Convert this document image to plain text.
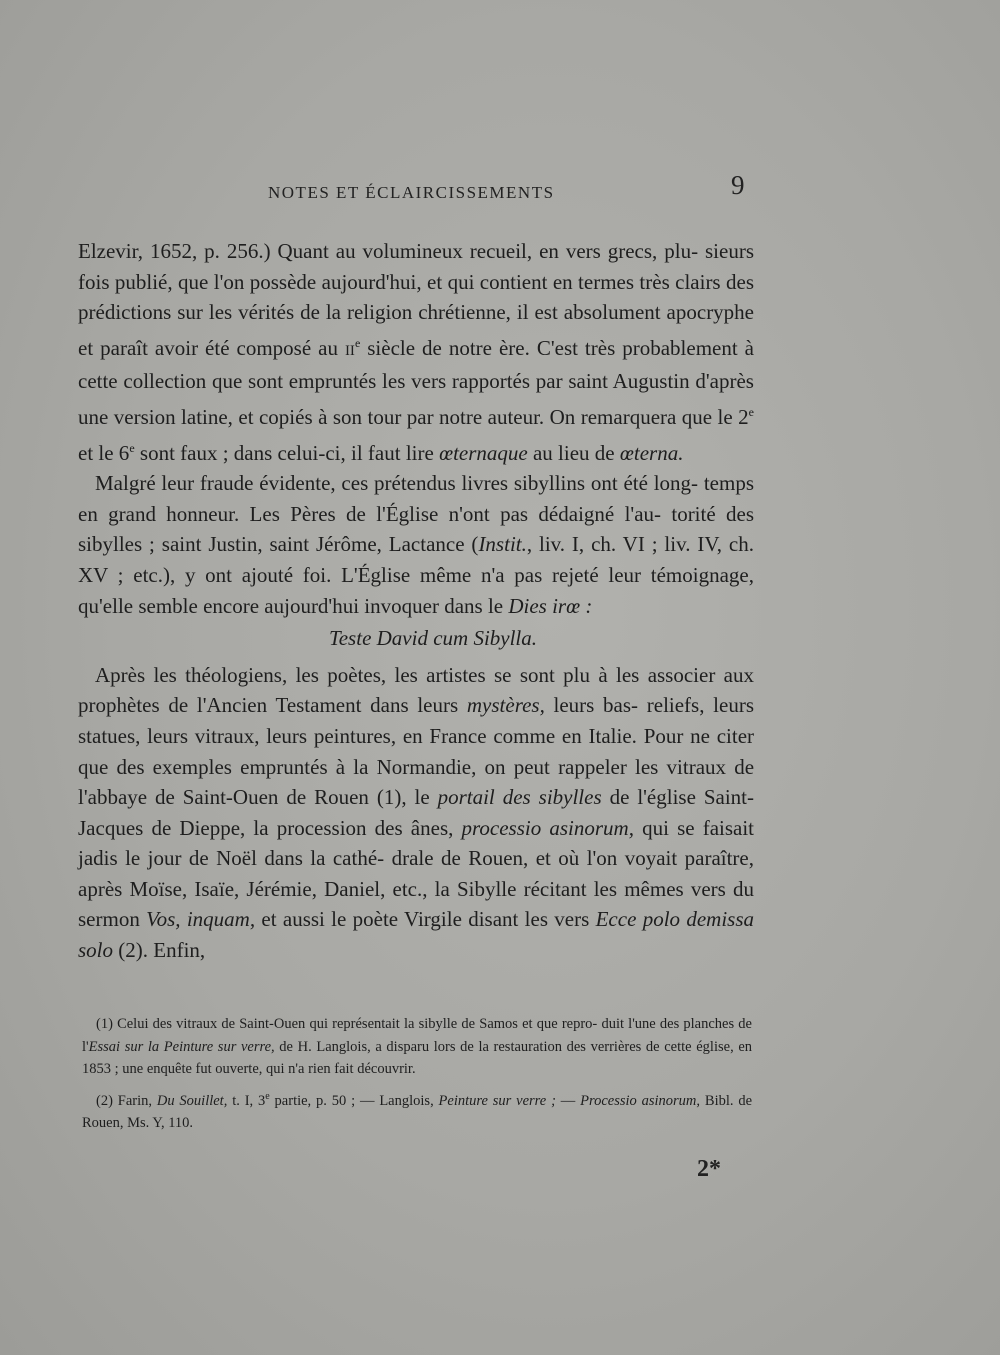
NOTES ET ÉCLAIRCISSEMENTS	9

Elzevir, 1652, p. 256.) Quant au volumineux recueil, en vers grecs, plu- sieurs fois publié, que l'on possède aujourd'hui, et qui contient en termes très clairs des prédictions sur les vérités de la religion chrétienne, il est absolument apocryphe et paraît avoir été composé au IIe siècle de notre ère. C'est très probablement à cette collection que sont empruntés les vers rapportés par saint Augustin d'après une version latine, et copiés à son tour par notre auteur. On remarquera que le 2e et le 6e sont faux ; dans celui-ci, il faut lire œternaque au lieu de œterna.

Malgré leur fraude évidente, ces prétendus livres sibyllins ont été long- temps en grand honneur. Les Pères de l'Église n'ont pas dédaigné l'au- torité des sibylles ; saint Justin, saint Jérôme, Lactance (Instit., liv. I, ch. VI ; liv. IV, ch. XV ; etc.), y ont ajouté foi. L'Église même n'a pas rejeté leur témoignage, qu'elle semble encore aujourd'hui invoquer dans le Dies irœ :

Teste David cum Sibylla.

Après les théologiens, les poètes, les artistes se sont plu à les associer aux prophètes de l'Ancien Testament dans leurs mystères, leurs bas- reliefs, leurs statues, leurs vitraux, leurs peintures, en France comme en Italie. Pour ne citer que des exemples empruntés à la Normandie, on peut rappeler les vitraux de l'abbaye de Saint-Ouen de Rouen (1), le portail des sibylles de l'église Saint-Jacques de Dieppe, la procession des ânes, processio asinorum, qui se faisait jadis le jour de Noël dans la cathé- drale de Rouen, et où l'on voyait paraître, après Moïse, Isaïe, Jérémie, Daniel, etc., la Sibylle récitant les mêmes vers du sermon Vos, inquam, et aussi le poète Virgile disant les vers Ecce polo demissa solo (2). Enfin,

(1) Celui des vitraux de Saint-Ouen qui représentait la sibylle de Samos et que repro- duit l'une des planches de l'Essai sur la Peinture sur verre, de H. Langlois, a disparu lors de la restauration des verrières de cette église, en 1853 ; une enquête fut ouverte, qui n'a rien fait découvrir.

(2) Farin, Du Souillet, t. I, 3e partie, p. 50 ; — Langlois, Peinture sur verre ; — Processio asinorum, Bibl. de Rouen, Ms. Y, 110.

2*
